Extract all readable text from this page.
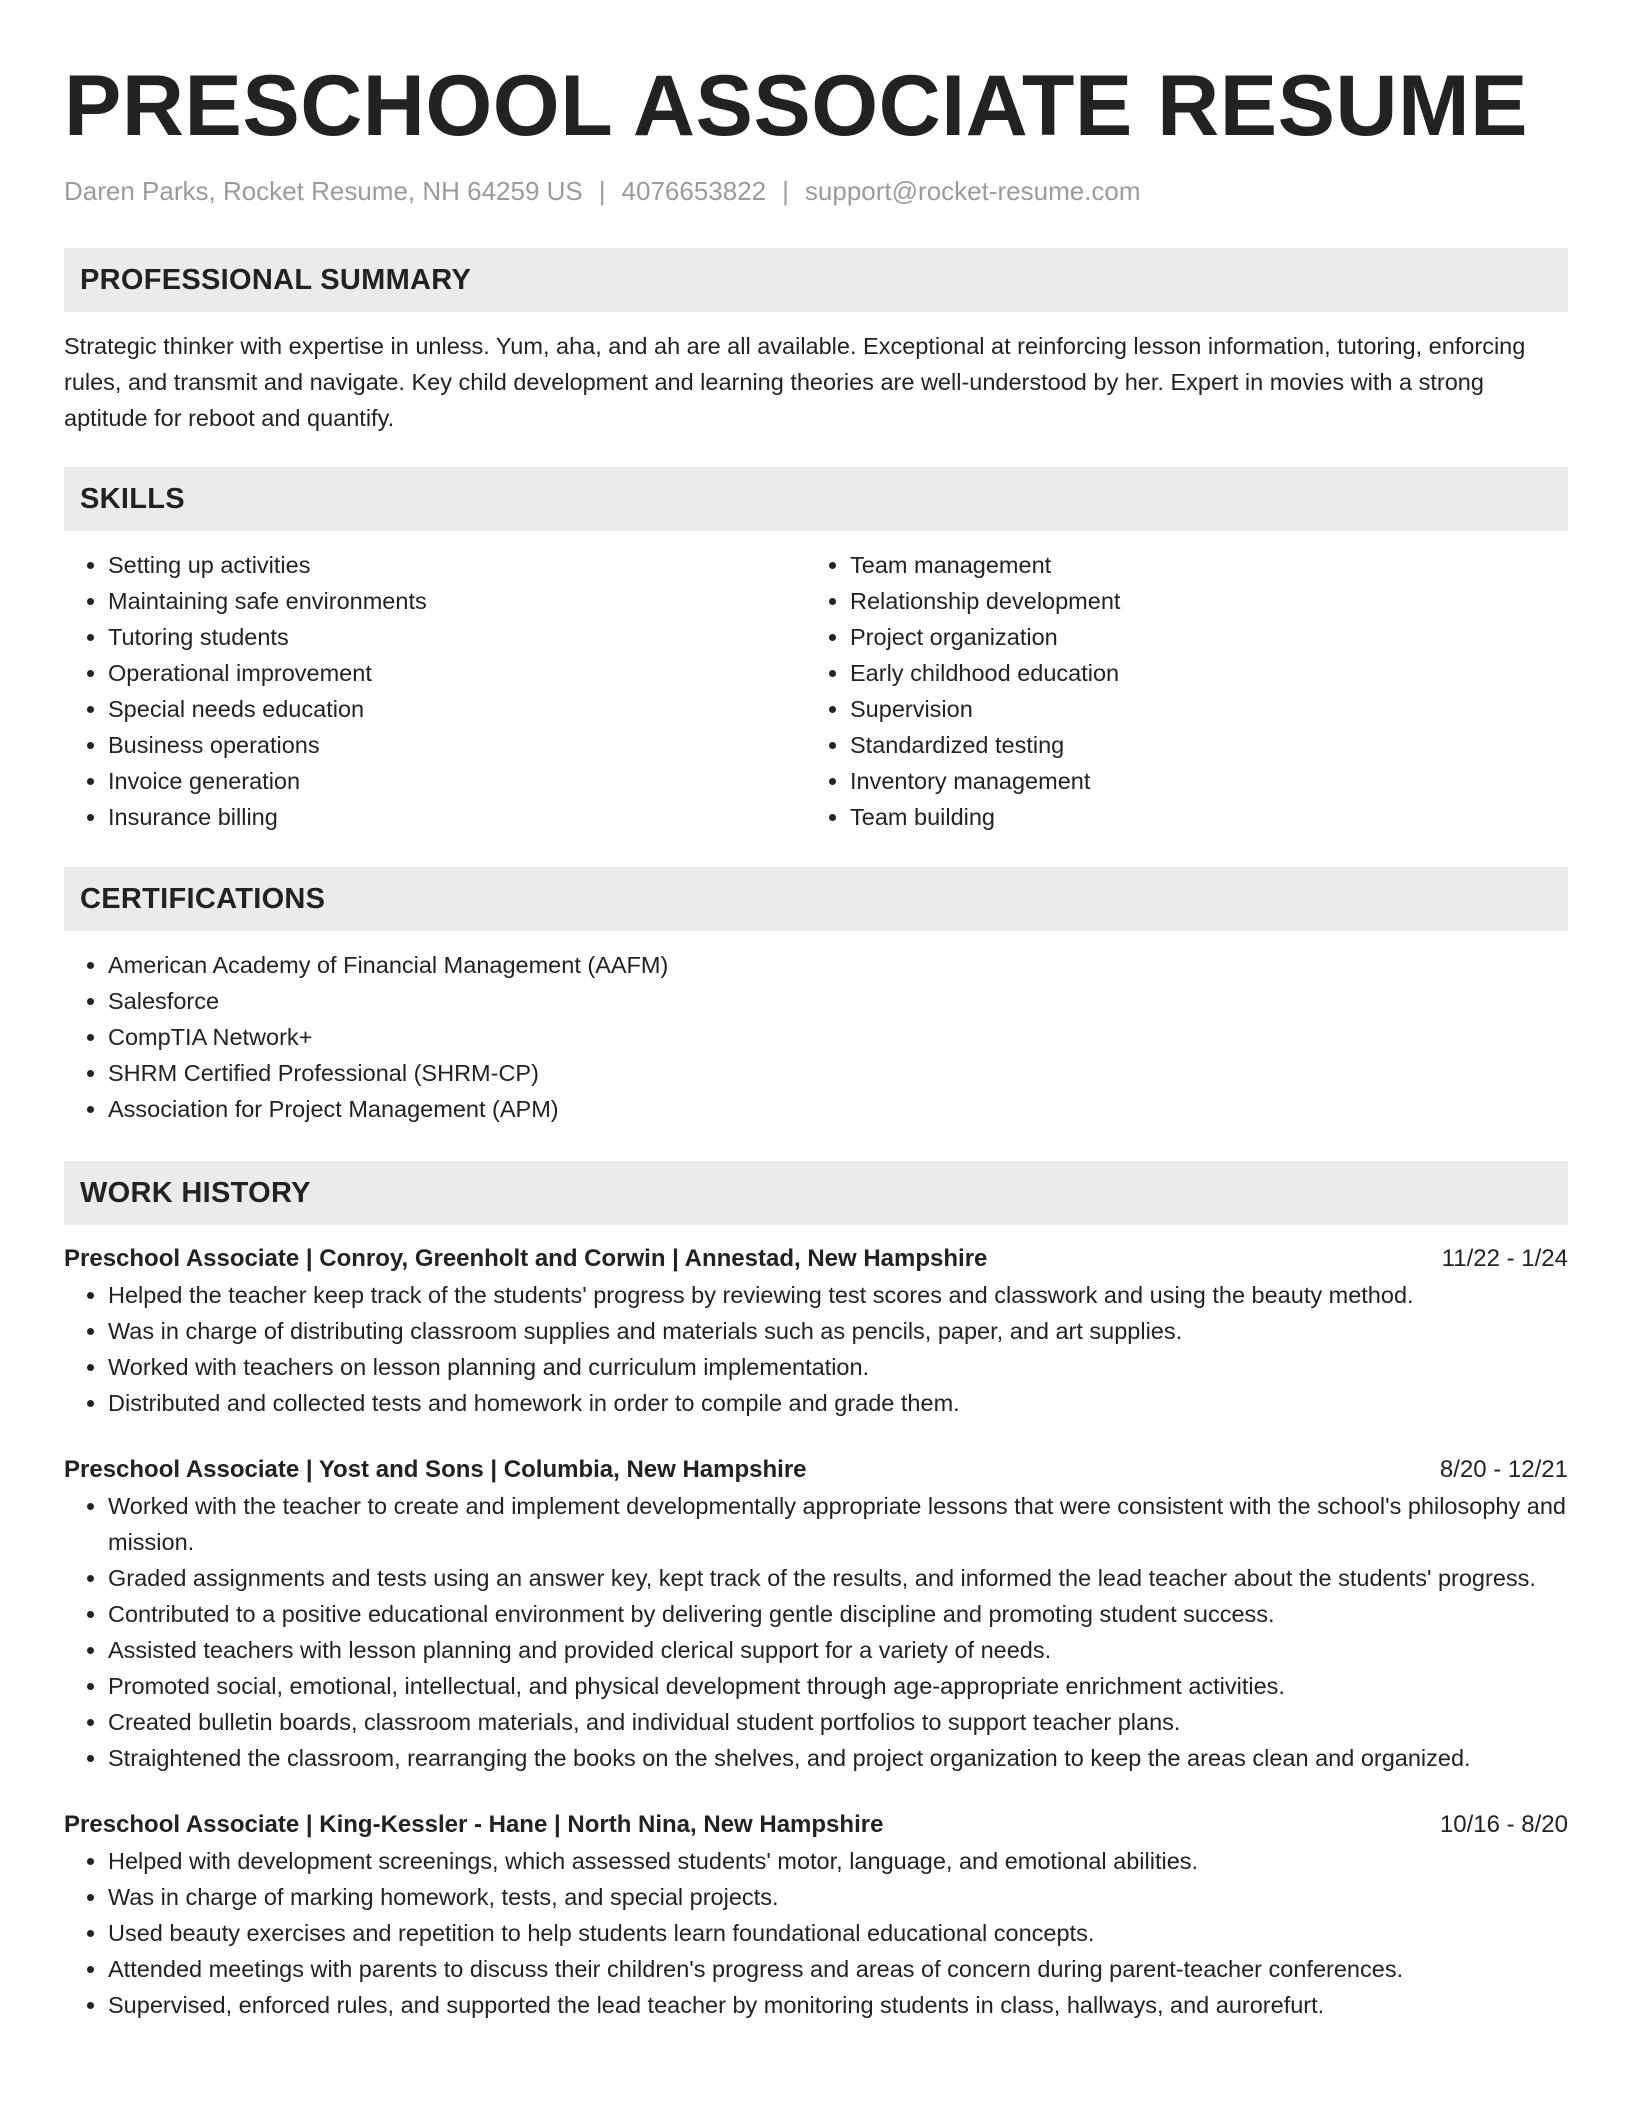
PRESCHOOL ASSOCIATE RESUME
Daren Parks, Rocket Resume, NH 64259 US | 4076653822 | support@rocket-resume.com
PROFESSIONAL SUMMARY

Strategic thinker with expertise in unless. Yum, aha, and ah are all available. Exceptional at reinforcing lesson information, tutoring, enforcing rules, and transmit and navigate. Key child development and learning theories are well-understood by her. Expert in movies with a strong aptitude for reboot and quantify.

SKILLS
• Setting up activities
• Maintaining safe environments
• Tutoring students
• Operational improvement
• Special needs education
• Business operations
• Invoice generation
• Insurance billing
• Team management
• Relationship development
• Project organization
• Early childhood education
• Supervision
• Standardized testing
• Inventory management
• Team building
CERTIFICATIONS
• American Academy of Financial Management (AAFM)
• Salesforce
• CompTIA Network+
• SHRM Certified Professional (SHRM-CP)
• Association for Project Management (APM)
WORK HISTORY
Preschool Associate | Conroy, Greenholt and Corwin | Annestad, New Hampshire	11/22 - 1/24
• Helped the teacher keep track of the students' progress by reviewing test scores and classwork and using the beauty method.
• Was in charge of distributing classroom supplies and materials such as pencils, paper, and art supplies.
• Worked with teachers on lesson planning and curriculum implementation.
• Distributed and collected tests and homework in order to compile and grade them.
Preschool Associate | Yost and Sons | Columbia, New Hampshire	8/20 - 12/21
• Worked with the teacher to create and implement developmentally appropriate lessons that were consistent with the school's philosophy and mission.
• Graded assignments and tests using an answer key, kept track of the results, and informed the lead teacher about the students' progress.
• Contributed to a positive educational environment by delivering gentle discipline and promoting student success.
• Assisted teachers with lesson planning and provided clerical support for a variety of needs.
• Promoted social, emotional, intellectual, and physical development through age-appropriate enrichment activities.
• Created bulletin boards, classroom materials, and individual student portfolios to support teacher plans.
• Straightened the classroom, rearranging the books on the shelves, and project organization to keep the areas clean and organized.
Preschool Associate | King-Kessler - Hane | North Nina, New Hampshire	10/16 - 8/20
• Helped with development screenings, which assessed students' motor, language, and emotional abilities.
• Was in charge of marking homework, tests, and special projects.
• Used beauty exercises and repetition to help students learn foundational educational concepts.
• Attended meetings with parents to discuss their children's progress and areas of concern during parent-teacher conferences.
• Supervised, enforced rules, and supported the lead teacher by monitoring students in class, hallways, and aurorefurt.
